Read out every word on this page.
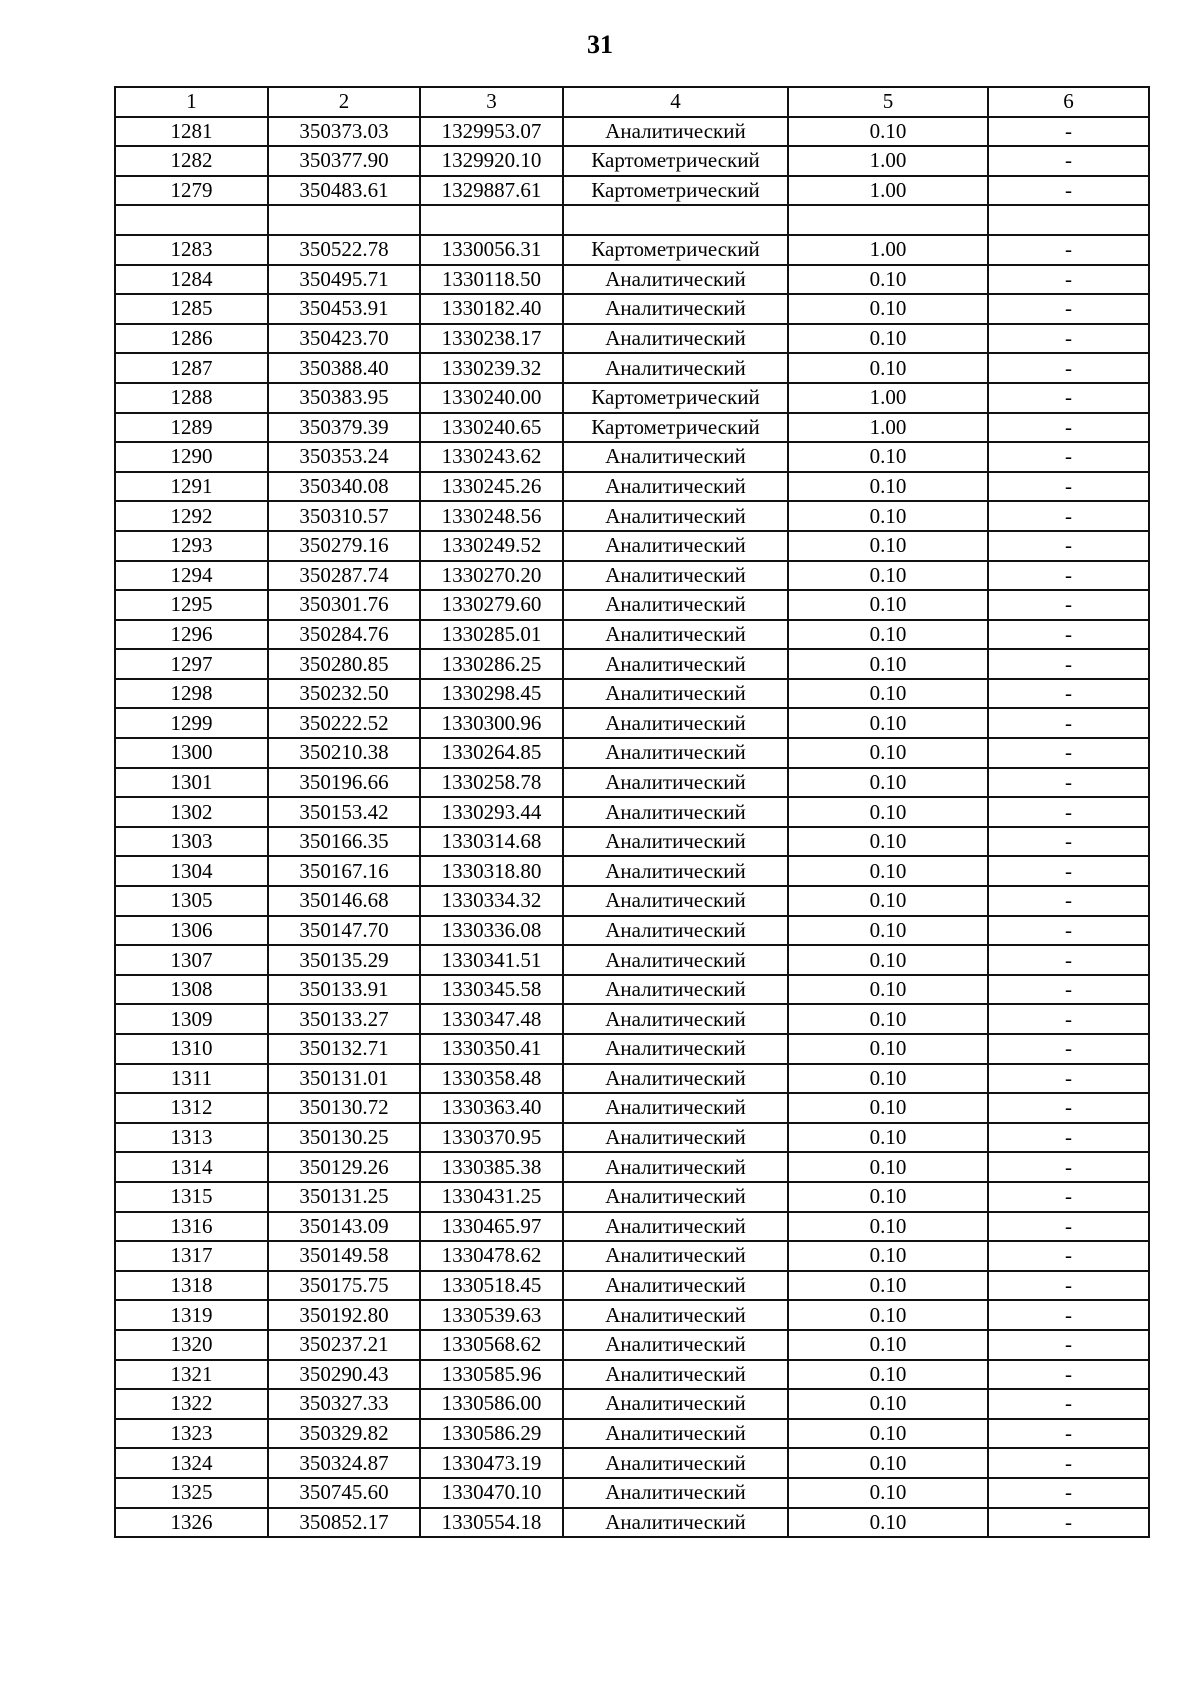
31
1	2	3	4	5	6
1281	350373.03	1329953.07	Аналитический	0.10	-
1282	350377.90	1329920.10	Картометрический	1.00	-
1279	350483.61	1329887.61	Картометрический	1.00	-

1283	350522.78	1330056.31	Картометрический	1.00	-
1284	350495.71	1330118.50	Аналитический	0.10	-
1285	350453.91	1330182.40	Аналитический	0.10	-
1286	350423.70	1330238.17	Аналитический	0.10	-
1287	350388.40	1330239.32	Аналитический	0.10	-
1288	350383.95	1330240.00	Картометрический	1.00	-
1289	350379.39	1330240.65	Картометрический	1.00	-
1290	350353.24	1330243.62	Аналитический	0.10	-
1291	350340.08	1330245.26	Аналитический	0.10	-
1292	350310.57	1330248.56	Аналитический	0.10	-
1293	350279.16	1330249.52	Аналитический	0.10	-
1294	350287.74	1330270.20	Аналитический	0.10	-
1295	350301.76	1330279.60	Аналитический	0.10	-
1296	350284.76	1330285.01	Аналитический	0.10	-
1297	350280.85	1330286.25	Аналитический	0.10	-
1298	350232.50	1330298.45	Аналитический	0.10	-
1299	350222.52	1330300.96	Аналитический	0.10	-
1300	350210.38	1330264.85	Аналитический	0.10	-
1301	350196.66	1330258.78	Аналитический	0.10	-
1302	350153.42	1330293.44	Аналитический	0.10	-
1303	350166.35	1330314.68	Аналитический	0.10	-
1304	350167.16	1330318.80	Аналитический	0.10	-
1305	350146.68	1330334.32	Аналитический	0.10	-
1306	350147.70	1330336.08	Аналитический	0.10	-
1307	350135.29	1330341.51	Аналитический	0.10	-
1308	350133.91	1330345.58	Аналитический	0.10	-
1309	350133.27	1330347.48	Аналитический	0.10	-
1310	350132.71	1330350.41	Аналитический	0.10	-
1311	350131.01	1330358.48	Аналитический	0.10	-
1312	350130.72	1330363.40	Аналитический	0.10	-
1313	350130.25	1330370.95	Аналитический	0.10	-
1314	350129.26	1330385.38	Аналитический	0.10	-
1315	350131.25	1330431.25	Аналитический	0.10	-
1316	350143.09	1330465.97	Аналитический	0.10	-
1317	350149.58	1330478.62	Аналитический	0.10	-
1318	350175.75	1330518.45	Аналитический	0.10	-
1319	350192.80	1330539.63	Аналитический	0.10	-
1320	350237.21	1330568.62	Аналитический	0.10	-
1321	350290.43	1330585.96	Аналитический	0.10	-
1322	350327.33	1330586.00	Аналитический	0.10	-
1323	350329.82	1330586.29	Аналитический	0.10	-
1324	350324.87	1330473.19	Аналитический	0.10	-
1325	350745.60	1330470.10	Аналитический	0.10	-
1326	350852.17	1330554.18	Аналитический	0.10	-
